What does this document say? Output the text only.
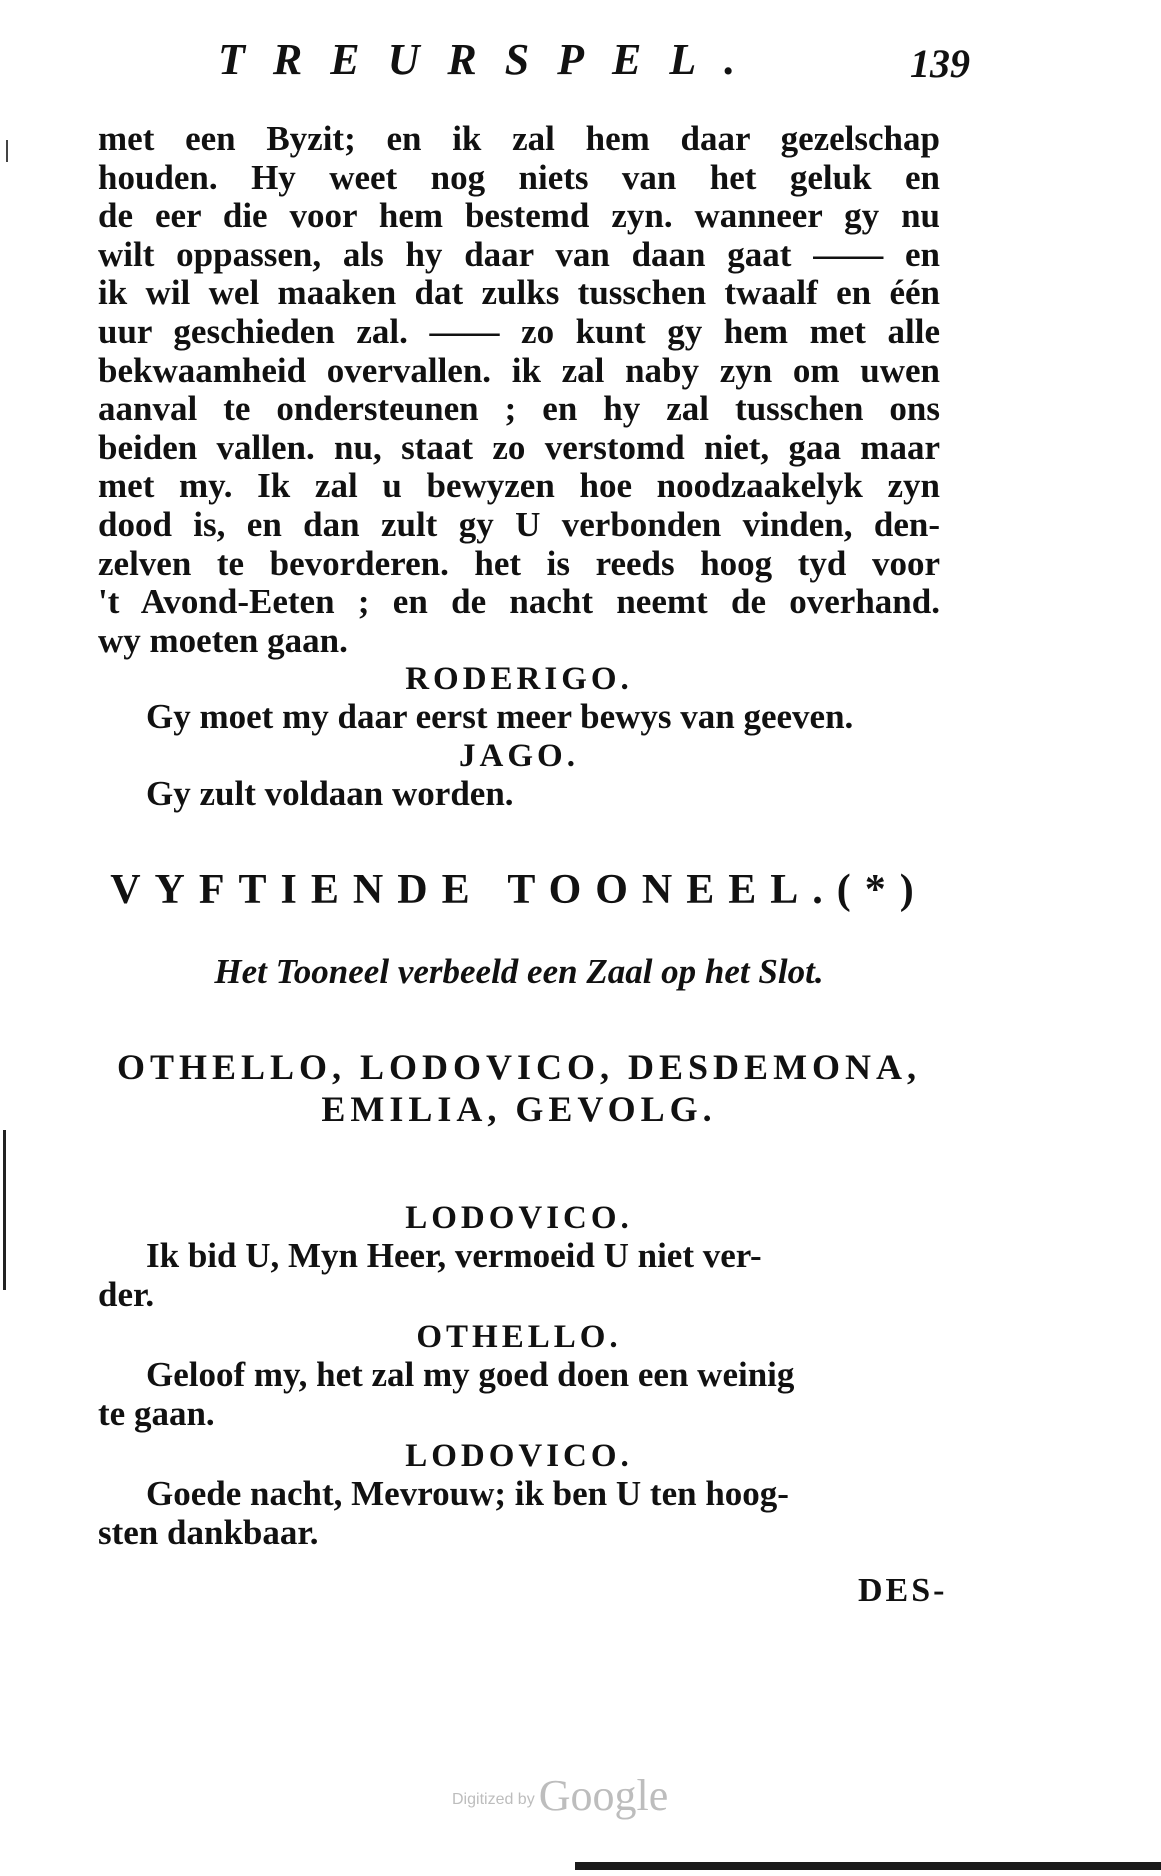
TREURSPEL.	139
met een Byzit; en ik zal hem daar gezelschap
houden. Hy weet nog niets van het geluk en
de eer die voor hem bestemd zyn. wanneer gy nu
wilt oppassen, als hy daar van daan gaat —— en
ik wil wel maaken dat zulks tusschen twaalf en één
uur geschieden zal. —— zo kunt gy hem met alle
bekwaamheid overvallen. ik zal naby zyn om uwen
aanval te ondersteunen ; en hy zal tusschen ons
beiden vallen. nu, staat zo verstomd niet, gaa maar
met my. Ik zal u bewyzen hoe noodzaakelyk zyn
dood is, en dan zult gy U verbonden vinden, den-
zelven te bevorderen. het is reeds hoog tyd voor
't Avond-Eeten ; en de nacht neemt de overhand.
wy moeten gaan.
RODERIGO.
Gy moet my daar eerst meer bewys van geeven.
JAGO.
Gy zult voldaan worden.
VYFTIENDE TOONEEL.(*)
Het Tooneel verbeeld een Zaal op het Slot.
OTHELLO, LODOVICO, DESDEMONA,
EMILIA, GEVOLG.
LODOVICO.
Ik bid U, Myn Heer, vermoeid U niet ver-
der.
OTHELLO.
Geloof my, het zal my goed doen een weinig
te gaan.
LODOVICO.
Goede nacht, Mevrouw; ik ben U ten hoog-
sten dankbaar.
DES-
Digitized by Google
